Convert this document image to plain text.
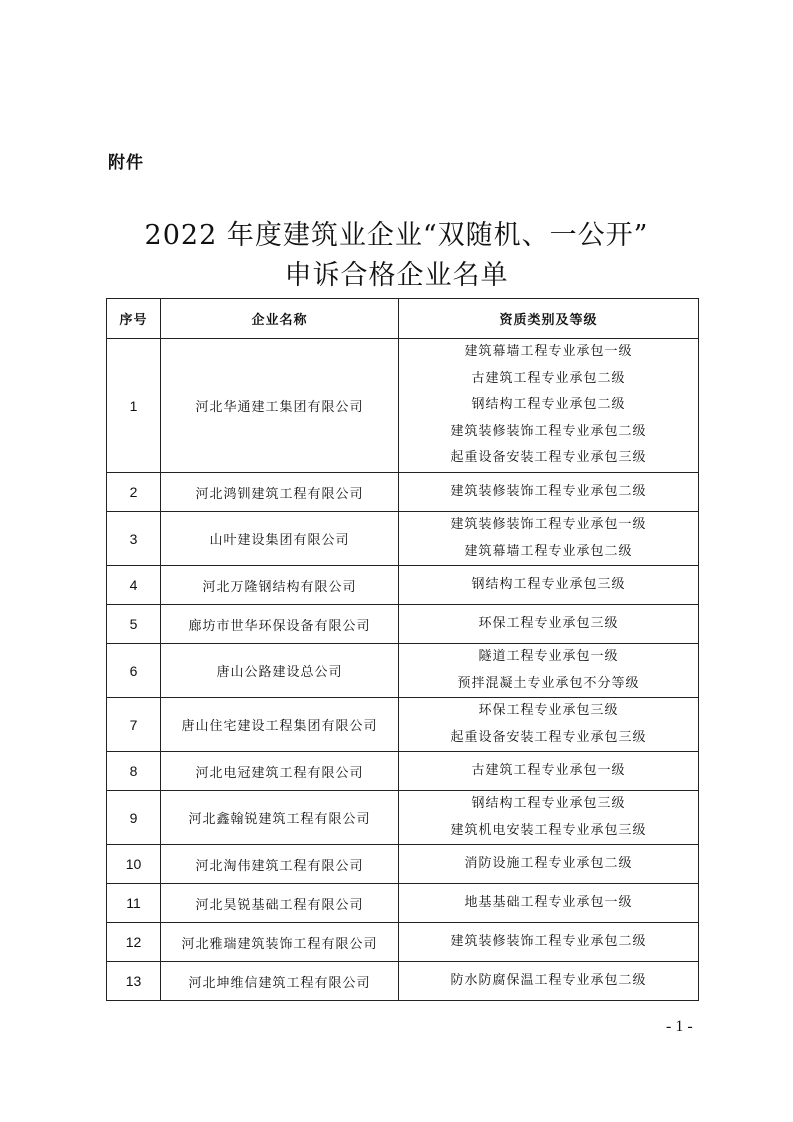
附件
2022 年度建筑业企业“双随机、一公开”
申诉合格企业名单
序号	企业名称	资质类别及等级
1	河北华通建工集团有限公司	建筑幕墙工程专业承包一级
古建筑工程专业承包二级
钢结构工程专业承包二级
建筑装修装饰工程专业承包二级
起重设备安装工程专业承包三级

2	河北鸿钏建筑工程有限公司	建筑装修装饰工程专业承包二级

3	山叶建设集团有限公司	建筑装修装饰工程专业承包一级
建筑幕墙工程专业承包二级

4	河北万隆钢结构有限公司	钢结构工程专业承包三级

5	廊坊市世华环保设备有限公司	环保工程专业承包三级

6	唐山公路建设总公司	隧道工程专业承包一级
预拌混凝土专业承包不分等级

7	唐山住宅建设工程集团有限公司	环保工程专业承包三级
起重设备安装工程专业承包三级

8	河北电冠建筑工程有限公司	古建筑工程专业承包一级

9	河北鑫翰锐建筑工程有限公司	钢结构工程专业承包三级
建筑机电安装工程专业承包三级

10	河北淘伟建筑工程有限公司	消防设施工程专业承包二级

11	河北昊锐基础工程有限公司	地基基础工程专业承包一级

12	河北雅瑞建筑装饰工程有限公司	建筑装修装饰工程专业承包二级

13	河北坤维信建筑工程有限公司	防水防腐保温工程专业承包二级
- 1 -
